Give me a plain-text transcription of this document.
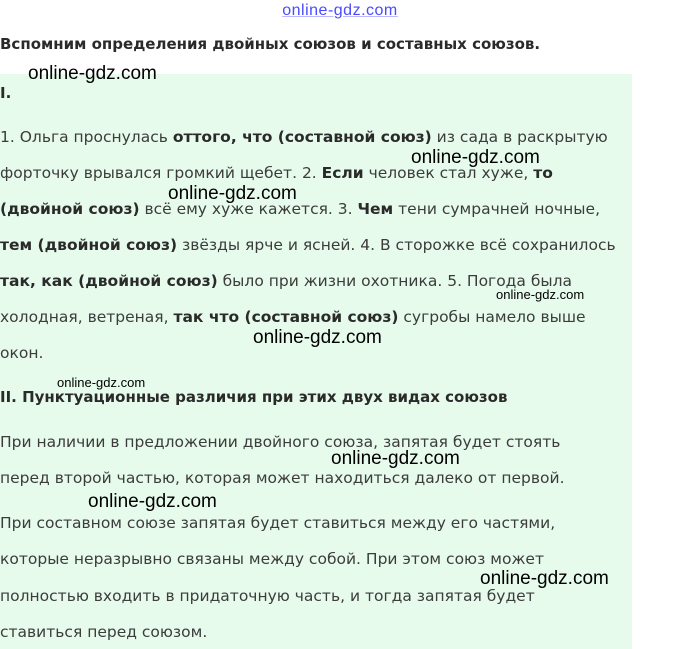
online-gdz.com
Вспомним определения двойных союзов и составных союзов.
I.
1. Ольга проснулась оттого, что (составной союз) из сада в раскрытую
форточку врывался громкий щебет. 2. Если человек стал хуже, то
(двойной союз) всё ему хуже кажется. 3. Чем тени сумрачней ночные,
тем (двойной союз) звёзды ярче и ясней. 4. В сторожке всё сохранилось
так, как (двойной союз) было при жизни охотника. 5. Погода была
холодная, ветреная, так что (составной союз) сугробы намело выше
окон.
II. Пунктуационные различия при этих двух видах союзов
При наличии в предложении двойного союза, запятая будет стоять
перед второй частью, которая может находиться далеко от первой.
При составном союзе запятая будет ставиться между его частями,
которые неразрывно связаны между собой. При этом союз может
полностью входить в придаточную часть, и тогда запятая будет
ставиться перед союзом.
online-gdz.com
online-gdz.com
online-gdz.com
online-gdz.com
online-gdz.com
online-gdz.com
online-gdz.com
online-gdz.com
online-gdz.com
